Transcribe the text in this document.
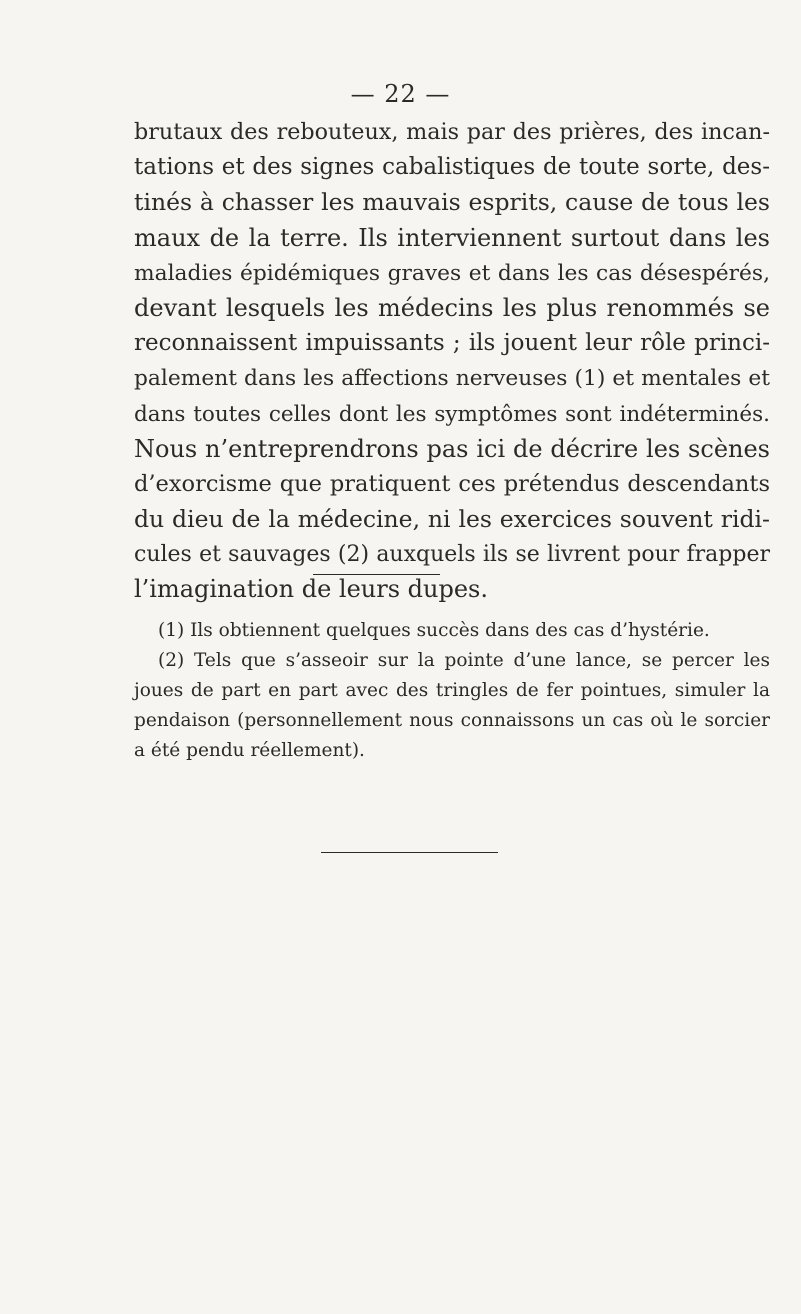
— 22 —
brutaux des rebouteux, mais par des prières, des incan-
tations et des signes cabalistiques de toute sorte, des-
tinés à chasser les mauvais esprits, cause de tous les
maux de la terre. Ils interviennent surtout dans les
maladies épidémiques graves et dans les cas désespérés,
devant lesquels les médecins les plus renommés se
reconnaissent impuissants ; ils jouent leur rôle princi-
palement dans les affections nerveuses (1) et mentales et
dans toutes celles dont les symptômes sont indéterminés.
Nous n’entreprendrons pas ici de décrire les scènes
d’exorcisme que pratiquent ces prétendus descendants
du dieu de la médecine, ni les exercices souvent ridi-
cules et sauvages (2) auxquels ils se livrent pour frapper
l’imagination de leurs dupes.
(1) Ils obtiennent quelques succès dans des cas d’hystérie.
(2) Tels que s’asseoir sur la pointe d’une lance, se percer les
joues de part en part avec des tringles de fer pointues, simuler la
pendaison (personnellement nous connaissons un cas où le sorcier
a été pendu réellement).
